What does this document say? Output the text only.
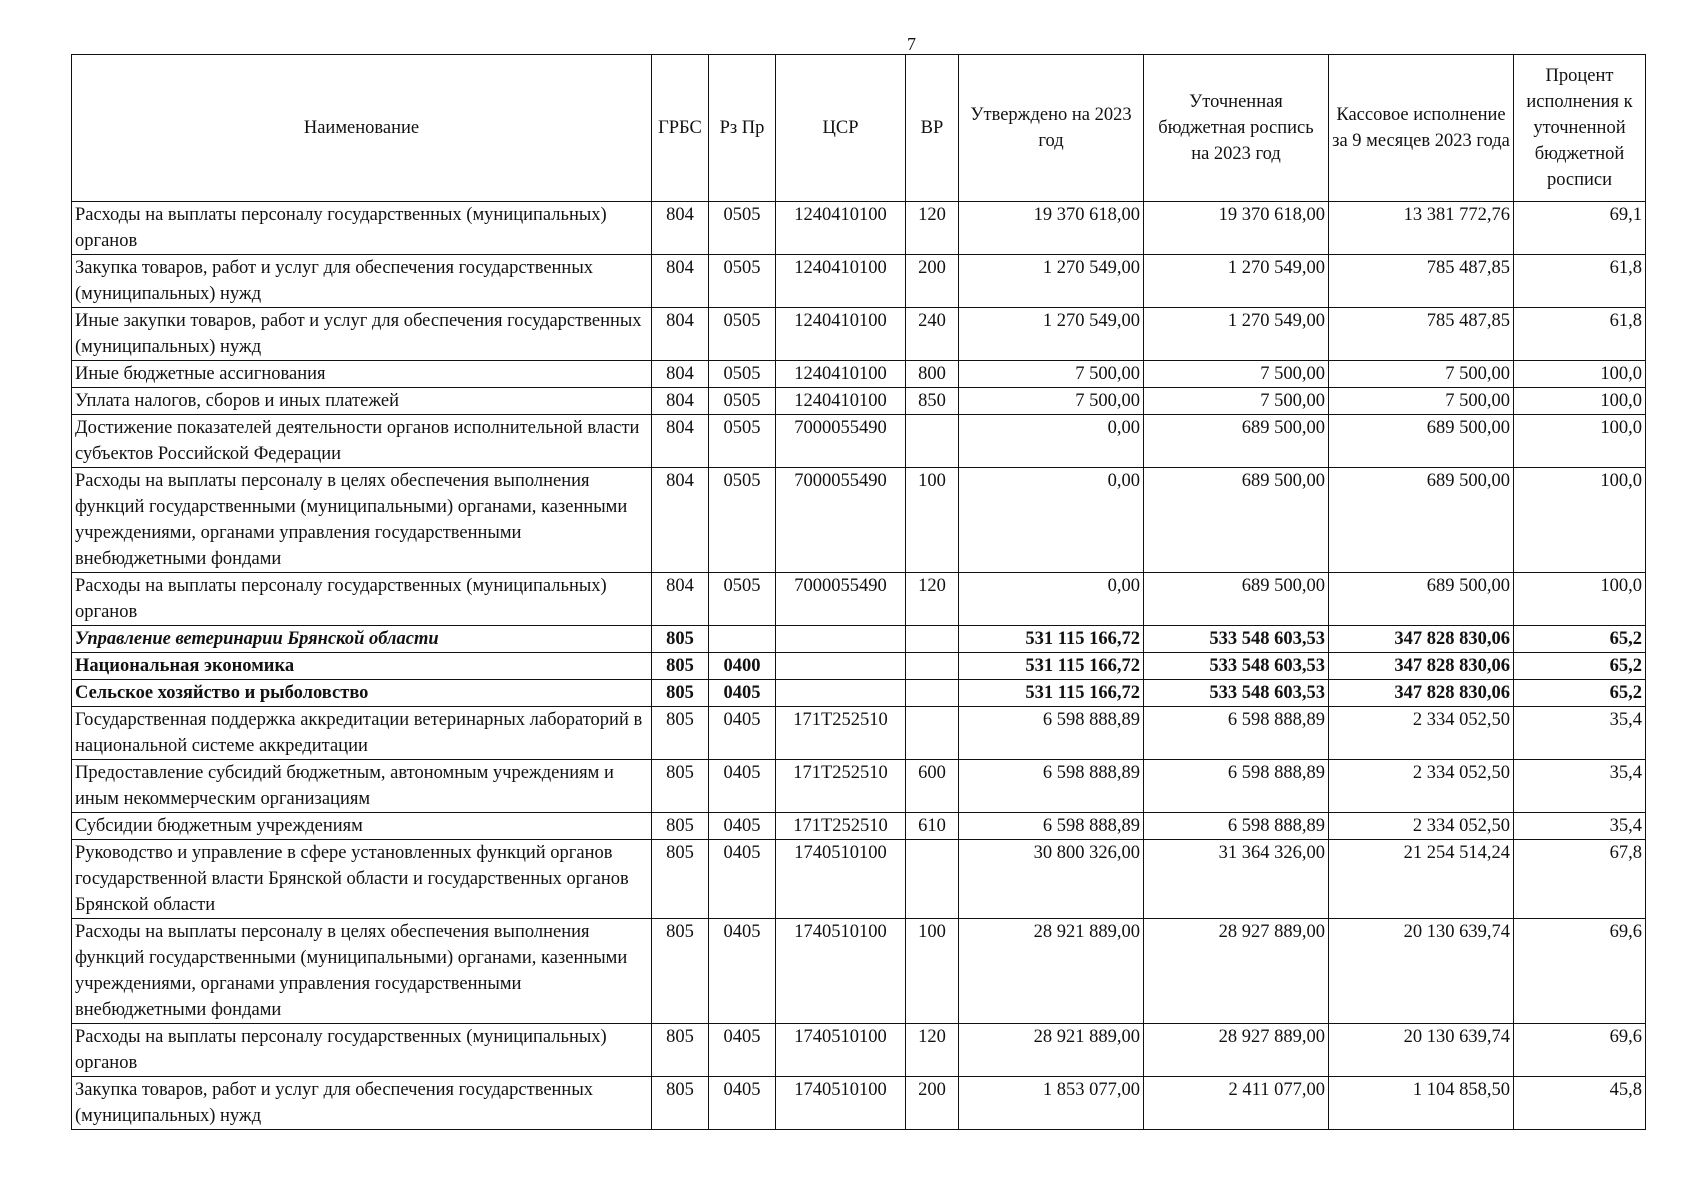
7
Наименование	ГРБС	Рз Пр	ЦСР	ВР	Утверждено на 2023 год	Уточненная бюджетная роспись на 2023 год	Кассовое исполнение за 9 месяцев 2023 года	Процент исполнения к уточненной бюджетной росписи
Расходы на выплаты персоналу государственных (муниципальных) органов	804	0505	1240410100	120	19 370 618,00	19 370 618,00	13 381 772,76	69,1
Закупка товаров, работ и услуг для обеспечения государственных (муниципальных) нужд	804	0505	1240410100	200	1 270 549,00	1 270 549,00	785 487,85	61,8
Иные закупки товаров, работ и услуг для обеспечения государственных (муниципальных) нужд	804	0505	1240410100	240	1 270 549,00	1 270 549,00	785 487,85	61,8
Иные бюджетные ассигнования	804	0505	1240410100	800	7 500,00	7 500,00	7 500,00	100,0
Уплата налогов, сборов и иных платежей	804	0505	1240410100	850	7 500,00	7 500,00	7 500,00	100,0
Достижение показателей деятельности органов исполнительной власти субъектов Российской Федерации	804	0505	7000055490		0,00	689 500,00	689 500,00	100,0
Расходы на выплаты персоналу в целях обеспечения выполнения функций государственными (муниципальными) органами, казенными учреждениями, органами управления государственными внебюджетными фондами	804	0505	7000055490	100	0,00	689 500,00	689 500,00	100,0
Расходы на выплаты персоналу государственных (муниципальных) органов	804	0505	7000055490	120	0,00	689 500,00	689 500,00	100,0
Управление ветеринарии Брянской области	805				531 115 166,72	533 548 603,53	347 828 830,06	65,2
Национальная экономика	805	0400			531 115 166,72	533 548 603,53	347 828 830,06	65,2
Сельское хозяйство и рыболовство	805	0405			531 115 166,72	533 548 603,53	347 828 830,06	65,2
Государственная поддержка аккредитации ветеринарных лабораторий в национальной системе аккредитации	805	0405	171Т252510		6 598 888,89	6 598 888,89	2 334 052,50	35,4
Предоставление субсидий бюджетным, автономным учреждениям и иным некоммерческим организациям	805	0405	171Т252510	600	6 598 888,89	6 598 888,89	2 334 052,50	35,4
Субсидии бюджетным учреждениям	805	0405	171Т252510	610	6 598 888,89	6 598 888,89	2 334 052,50	35,4
Руководство и управление в сфере установленных функций органов государственной власти Брянской области и государственных органов Брянской области	805	0405	1740510100		30 800 326,00	31 364 326,00	21 254 514,24	67,8
Расходы на выплаты персоналу в целях обеспечения выполнения функций государственными (муниципальными) органами, казенными учреждениями, органами управления государственными внебюджетными фондами	805	0405	1740510100	100	28 921 889,00	28 927 889,00	20 130 639,74	69,6
Расходы на выплаты персоналу государственных (муниципальных) органов	805	0405	1740510100	120	28 921 889,00	28 927 889,00	20 130 639,74	69,6
Закупка товаров, работ и услуг для обеспечения государственных (муниципальных) нужд	805	0405	1740510100	200	1 853 077,00	2 411 077,00	1 104 858,50	45,8
